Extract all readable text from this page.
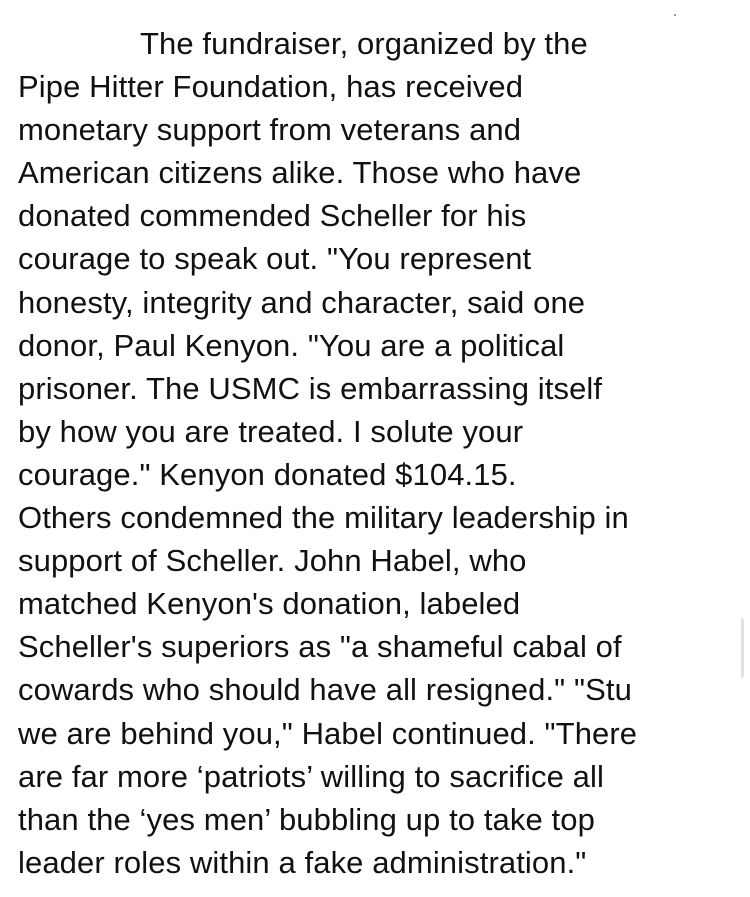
The fundraiser, organized by the
Pipe Hitter Foundation, has received
monetary support from veterans and
American citizens alike. Those who have
donated commended Scheller for his
courage to speak out. "You represent
honesty, integrity and character, said one
donor, Paul Kenyon. "You are a political
prisoner. The USMC is embarrassing itself
by how you are treated. I solute your
courage." Kenyon donated $104.15.
Others condemned the military leadership in
support of Scheller. John Habel, who
matched Kenyon's donation, labeled
Scheller's superiors as "a shameful cabal of
cowards who should have all resigned." "Stu
we are behind you," Habel continued. "There
are far more ‘patriots’ willing to sacrifice all
than the ‘yes men’ bubbling up to take top
leader roles within a fake administration."
